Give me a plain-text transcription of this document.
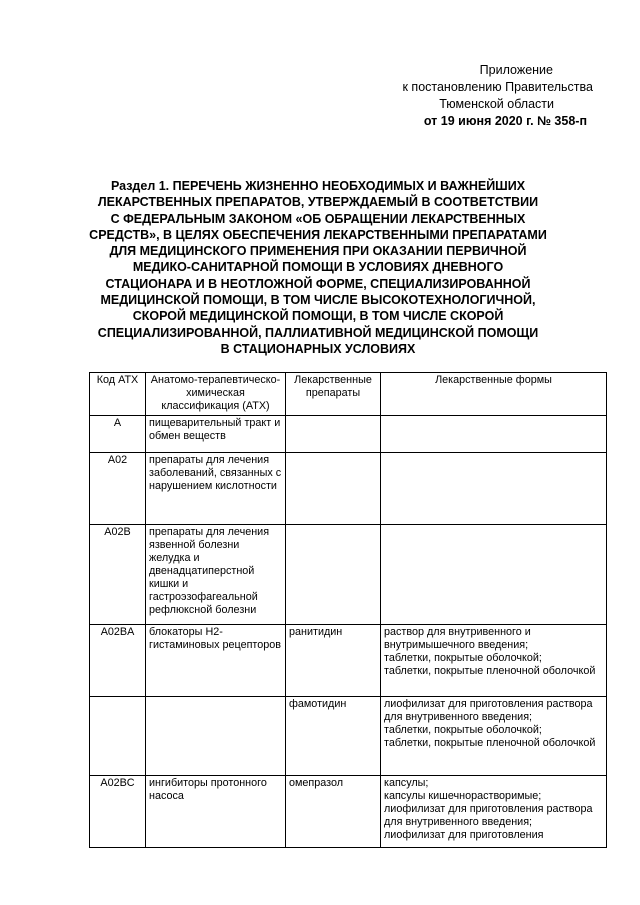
Приложение
к постановлению Правительства
Тюменской области
от 19 июня 2020 г. № 358-п
Раздел 1. ПЕРЕЧЕНЬ ЖИЗНЕННО НЕОБХОДИМЫХ И ВАЖНЕЙШИХ
ЛЕКАРСТВЕННЫХ ПРЕПАРАТОВ, УТВЕРЖДАЕМЫЙ В СООТВЕТСТВИИ
С ФЕДЕРАЛЬНЫМ ЗАКОНОМ «ОБ ОБРАЩЕНИИ ЛЕКАРСТВЕННЫХ
СРЕДСТВ», В ЦЕЛЯХ ОБЕСПЕЧЕНИЯ ЛЕКАРСТВЕННЫМИ ПРЕПАРАТАМИ
ДЛЯ МЕДИЦИНСКОГО ПРИМЕНЕНИЯ ПРИ ОКАЗАНИИ ПЕРВИЧНОЙ
МЕДИКО-САНИТАРНОЙ ПОМОЩИ В УСЛОВИЯХ ДНЕВНОГО
СТАЦИОНАРА И В НЕОТЛОЖНОЙ ФОРМЕ, СПЕЦИАЛИЗИРОВАННОЙ
МЕДИЦИНСКОЙ ПОМОЩИ, В ТОМ ЧИСЛЕ ВЫСОКОТЕХНОЛОГИЧНОЙ,
СКОРОЙ МЕДИЦИНСКОЙ ПОМОЩИ, В ТОМ ЧИСЛЕ СКОРОЙ
СПЕЦИАЛИЗИРОВАННОЙ, ПАЛЛИАТИВНОЙ МЕДИЦИНСКОЙ ПОМОЩИ
В СТАЦИОНАРНЫХ УСЛОВИЯХ
Код АТХ	Анатомо-терапевтическо-химическая классификация (АТХ)	Лекарственные препараты	Лекарственные формы
A	пищеварительный тракт и обмен веществ		
A02	препараты для лечения заболеваний, связанных с нарушением кислотности		
A02B	препараты для лечения язвенной болезни желудка и двенадцатиперстной кишки и гастроэзофагеальной рефлюксной болезни		
A02BA	блокаторы H2-гистаминовых рецепторов	ранитидин	раствор для внутривенного и внутримышечного введения;
таблетки, покрытые оболочкой;
таблетки, покрытые пленочной оболочкой

		фамотидин	лиофилизат для приготовления раствора для внутривенного введения;
таблетки, покрытые оболочкой;
таблетки, покрытые пленочной оболочкой

A02BC	ингибиторы протонного насоса	омепразол	капсулы;
капсулы кишечнорастворимые;
лиофилизат для приготовления раствора для внутривенного введения;
лиофилизат для приготовления
